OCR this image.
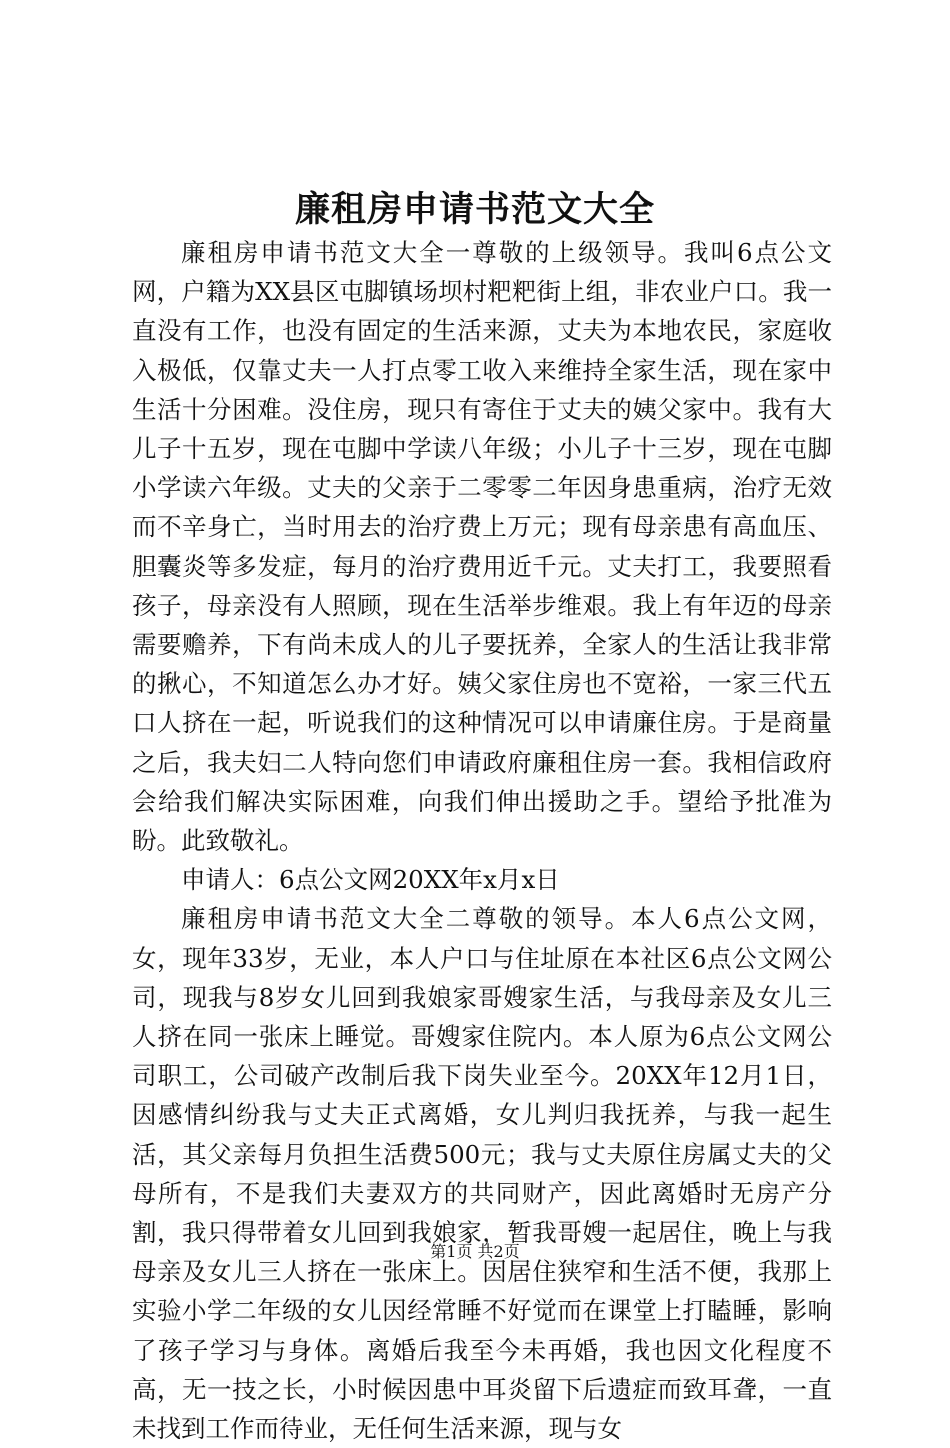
廉租房申请书范文大全

廉租房申请书范文大全一尊敬的上级领导。我叫6点公文网，户籍为XX县区屯脚镇场坝村粑粑街上组，非农业户口。我一直没有工作，也没有固定的生活来源，丈夫为本地农民，家庭收入极低，仅靠丈夫一人打点零工收入来维持全家生活，现在家中生活十分困难。没住房，现只有寄住于丈夫的姨父家中。我有大儿子十五岁，现在屯脚中学读八年级；小儿子十三岁，现在屯脚小学读六年级。丈夫的父亲于二零零二年因身患重病，治疗无效而不辛身亡，当时用去的治疗费上万元；现有母亲患有高血压、胆囊炎等多发症，每月的治疗费用近千元。丈夫打工，我要照看孩子，母亲没有人照顾，现在生活举步维艰。我上有年迈的母亲需要赡养，下有尚未成人的儿子要抚养，全家人的生活让我非常的揪心，不知道怎么办才好。姨父家住房也不宽裕，一家三代五口人挤在一起，听说我们的这种情况可以申请廉住房。于是商量之后，我夫妇二人特向您们申请政府廉租住房一套。我相信政府会给我们解决实际困难，向我们伸出援助之手。望给予批准为盼。此致敬礼。

申请人：6点公文网20XX年x月x日

廉租房申请书范文大全二尊敬的领导。本人6点公文网，女，现年33岁，无业，本人户口与住址原在本社区6点公文网公司，现我与8岁女儿回到我娘家哥嫂家生活，与我母亲及女儿三人挤在同一张床上睡觉。哥嫂家住院内。本人原为6点公文网公司职工，公司破产改制后我下岗失业至今。20XX年12月1日，因感情纠纷我与丈夫正式离婚，女儿判归我抚养，与我一起生活，其父亲每月负担生活费500元；我与丈夫原住房属丈夫的父母所有，不是我们夫妻双方的共同财产，因此离婚时无房产分割，我只得带着女儿回到我娘家，暂我哥嫂一起居住，晚上与我母亲及女儿三人挤在一张床上。因居住狭窄和生活不便，我那上实验小学二年级的女儿因经常睡不好觉而在课堂上打瞌睡，影响了孩子学习与身体。离婚后我至今未再婚，我也因文化程度不高，无一技之长，小时候因患中耳炎留下后遗症而致耳聋，一直未找到工作而待业，无任何生活来源，现与女

第1页 共2页
